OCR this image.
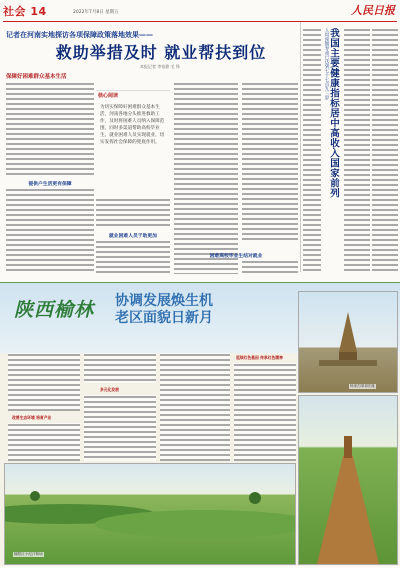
社会 14	2022年7月8日 星期五	人民日报
记者在河南实地探访各项保障政策落地效果——
救助举措及时 就业帮扶到位
本报记者 李家鼎 毛 锋
保障好困难群众基本生活
提供户生活更有保障
核心阅读
为切实保障好困难群众基本生活，河南各地分头推进救助工作，及时将困难人员纳入保障范围，同时多渠道帮助高校毕业生、就业困难人员实现就业，切实发挥社会保障的兜底作用。
就业困难人员于助更加
困难高校毕业生结对就业
人均预期寿命已达到七十七点九三岁 我国主要健康指标居中高收入国家前列
陕西榆林 协调发展焕生机
老区面貌日新月
杨家沟革命旧址
改善生态环境 培育产业
多元化发展
延续红色基因 传承红色精神
榆阳区小纪汗林场
